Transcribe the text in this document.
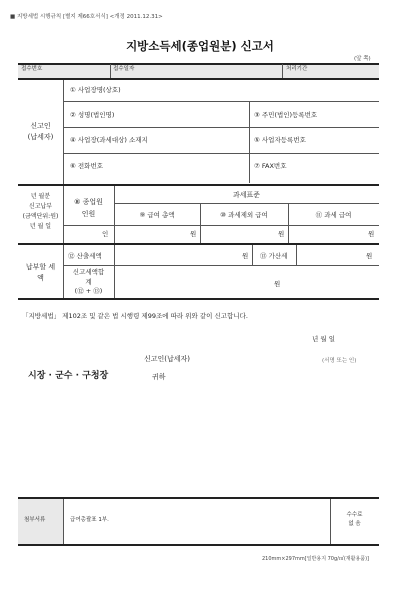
■ 지방세법 시행규칙 [별지 제66호서식] <개정 2011.12.31>
지방소득세(종업원분) 신고서
(앞 쪽)
접수번호	접수일자	처리기간
신고인
(납세자)
① 사업장명(상호)
② 성명(법인명)	③ 주민(법인)등록번호
④ 사업장(과세대상) 소재지	⑤ 사업자등록번호
⑥ 전화번호	⑦ FAX번호
년 월분
신고납부
(금액단위:원)
년 월 일
⑧ 종업원
인원
과세표준
⑨ 급여 총액	⑩ 과세제외 급여	⑪ 과세 급여
인	원	원	원
납부할 세
액
⑫ 산출세액	원 ⑬ 가산세	원
신고세액합
계
(⑫ + ⑬)
원
「지방세법」 제102조 및 같은 법 시행령 제99조에 따라 위와 같이 신고합니다.
년 월 일
신고인(납세자)	(서명 또는 인)
시장 · 군수 · 구청장	귀하
첨부서류	급여총괄표 1부.
수수료
없 음
210mm×297mm[일반용지 70g/㎡(재활용품)]
